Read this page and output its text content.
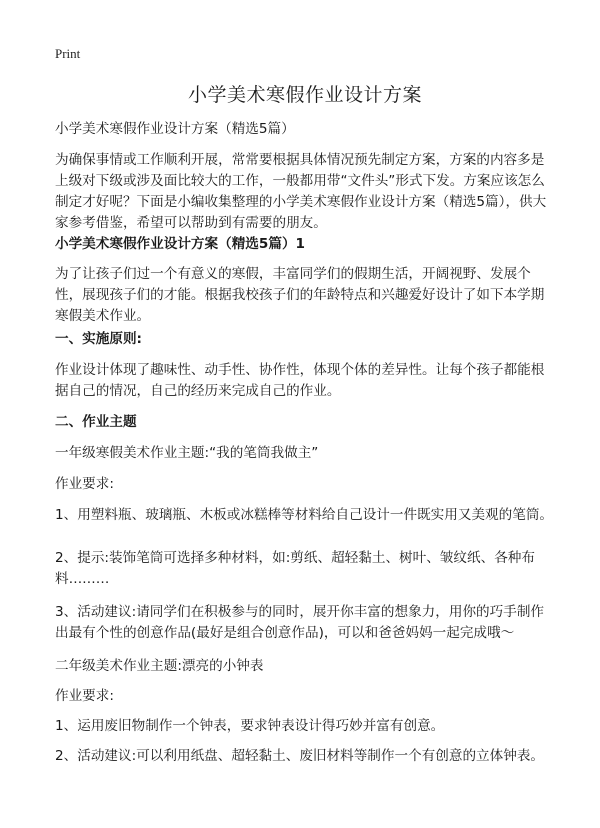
Print
小学美术寒假作业设计方案

小学美术寒假作业设计方案（精选5篇）

为确保事情或工作顺利开展，常常要根据具体情况预先制定方案，方案的内容多是上级对下级或涉及面比较大的工作，一般都用带“文件头”形式下发。方案应该怎么制定才好呢？下面是小编收集整理的小学美术寒假作业设计方案（精选5篇），供大家参考借鉴，希望可以帮助到有需要的朋友。

小学美术寒假作业设计方案（精选5篇）1

为了让孩子们过一个有意义的寒假，丰富同学们的假期生活，开阔视野、发展个性，展现孩子们的才能。根据我校孩子们的年龄特点和兴趣爱好设计了如下本学期寒假美术作业。

一、实施原则:

作业设计体现了趣味性、动手性、协作性，体现个体的差异性。让每个孩子都能根据自己的情况，自己的经历来完成自己的作业。

二、作业主题

一年级寒假美术作业主题:“我的笔筒我做主”

作业要求:

1、用塑料瓶、玻璃瓶、木板或冰糕棒等材料给自己设计一件既实用又美观的笔筒。

2、提示:装饰笔筒可选择多种材料，如:剪纸、超轻黏土、树叶、皱纹纸、各种布料………

3、活动建议:请同学们在积极参与的同时，展开你丰富的想象力，用你的巧手制作出最有个性的创意作品(最好是组合创意作品)，可以和爸爸妈妈一起完成哦～

二年级美术作业主题:漂亮的小钟表

作业要求:

1、运用废旧物制作一个钟表，要求钟表设计得巧妙并富有创意。

2、活动建议:可以利用纸盘、超轻黏土、废旧材料等制作一个有创意的立体钟表。
